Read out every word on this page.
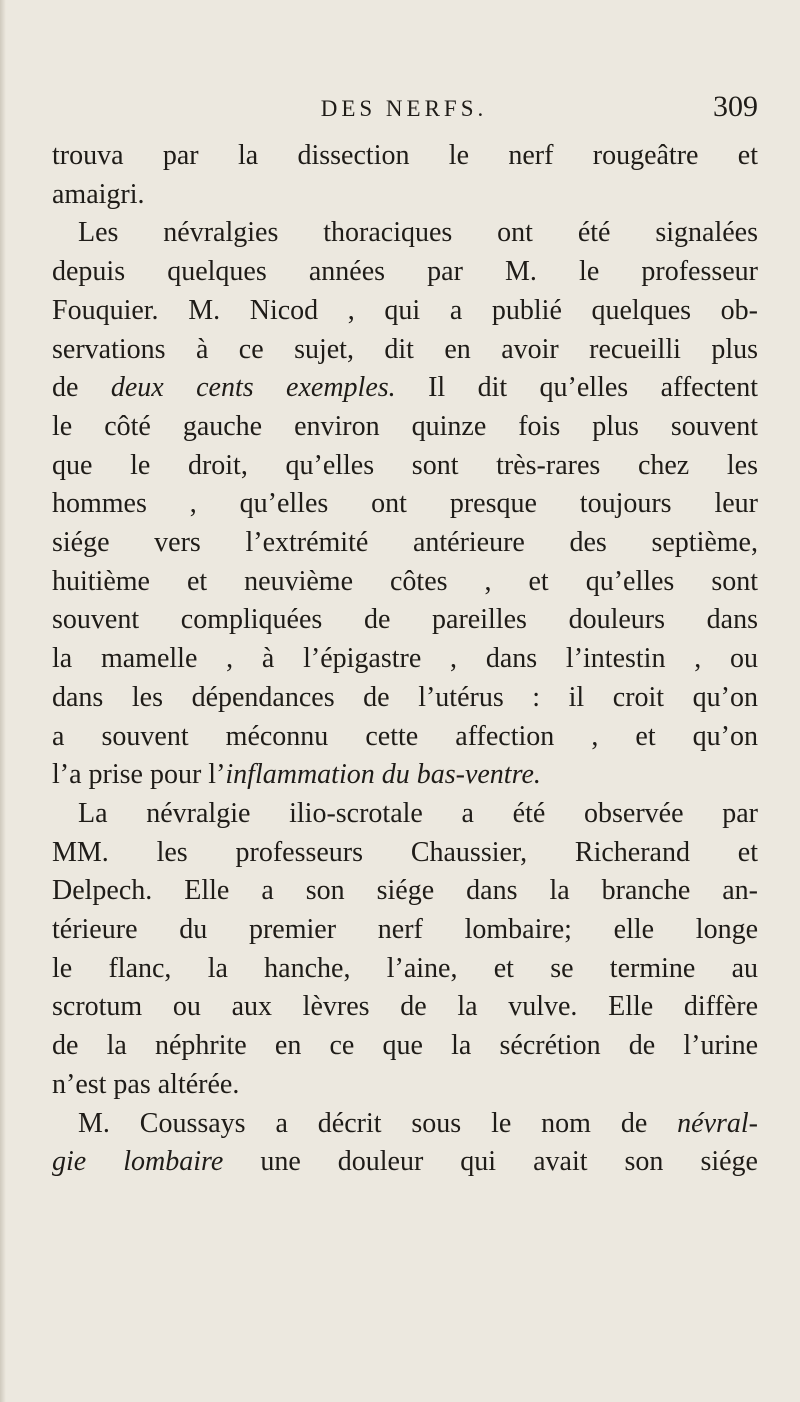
DES NERFS.	309
trouva par la dissection le nerf rougeâtre et
amaigri.
Les névralgies thoraciques ont été signalées
depuis quelques années par M. le professeur
Fouquier. M. Nicod , qui a publié quelques ob-
servations à ce sujet, dit en avoir recueilli plus
de deux cents exemples. Il dit qu’elles affectent
le côté gauche environ quinze fois plus souvent
que le droit, qu’elles sont très-rares chez les
hommes , qu’elles ont presque toujours leur
siége vers l’extrémité antérieure des septième,
huitième et neuvième côtes , et qu’elles sont
souvent compliquées de pareilles douleurs dans
la mamelle , à l’épigastre , dans l’intestin , ou
dans les dépendances de l’utérus : il croit qu’on
a souvent méconnu cette affection , et qu’on
l’a prise pour l’inflammation du bas-ventre.
La névralgie ilio-scrotale a été observée par
MM. les professeurs Chaussier, Richerand et
Delpech. Elle a son siége dans la branche an-
térieure du premier nerf lombaire; elle longe
le flanc, la hanche, l’aine, et se termine au
scrotum ou aux lèvres de la vulve. Elle diffère
de la néphrite en ce que la sécrétion de l’urine
n’est pas altérée.
M. Coussays a décrit sous le nom de névral-
gie lombaire une douleur qui avait son siége
